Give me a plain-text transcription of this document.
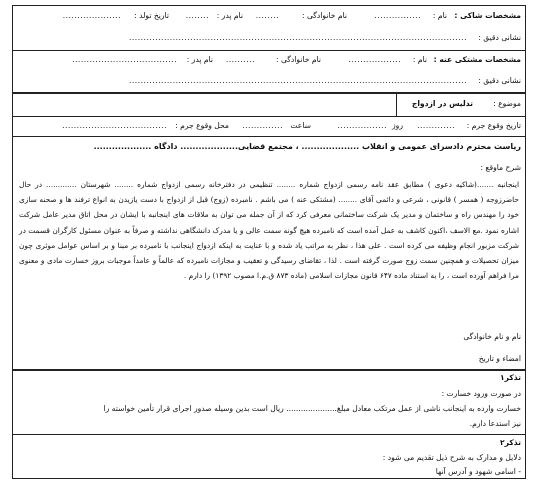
مشخصات شاکی :
نام :
................
نام خانوادگی :
........
نام پدر :
........
تاریخ تولد :
....................
نشانی دقیق :
....................................................................................................................
مشخصات مشتکی عنه :
نام :
..................
نام خانوادگی :
..........
نام پدر :
....................................
نشانی دقیق :
....................................................................................................................
موضوع :
تدلیس در ازدواج
تاریخ وقوع جرم :
.............
روز
.................
ساعت
..............
محل وقوع جرم :
....................................
ریاست محترم دادسرای عمومی و انقلاب ................... ، مجتمع قضایی................... دادگاه ...................
شرح ماوقع :

اینجانبه .......(شاکیه دعوی ) مطابق عقد نامه رسمی ازدواج شماره ........ تنظیمی در دفترخانه رسمی ازدواج شماره ........ شهرستان ............. در حال حاضرزوجه ( همسر ) قانونی ، شرعی و دائمی آقای ........ (مشتکی عنه ) می باشم . نامبرده (زوج) قبل از ازدواج با دست یازیدن به انواع ترفند ها و صحنه سازی خود را مهندس راه و ساختمان و مدیر یک شرکت ساختمانی معرفی کرد که از آن جمله می توان به ملاقات های اینجانبه با ایشان در محل اتاق مدیر عامل شرکت اشاره نمود .مع الاسف ،اکنون کاشف به عمل آمده است که نامبرده هیچ گونه سمت عالی و یا مدرک دانشگاهی نداشته و صرفاً به عنوان مسئول کارگران قسمت در شرکت مزبور انجام وظیفه می کرده است . علی هذا ، نظر به مراتب یاد شده و با عنایت به اینکه ازدواج اینجانب با نامبرده بر مبنا و بر اساس عوامل موثری چون میزان تحصیلات و همچنین سمت زوج صورت گرفته است . لذا ، تقاضای رسیدگی و تعقیب و مجازات نامبرده که عالماً و عامداً موجبات بروز خسارت مادی و معنوی مرا فراهم آورده است ، را به استناد ماده ۶۴۷ قانون مجازات اسلامی (ماده ۸۷۳ ق.م.ا مصوب ۱۳۹۲) را دارم .

نام و نام خانوادگی
امضاء و تاریخ
تذکر۱
در صورت ورود خسارت :
خسارت وارده به اینجانب ناشی از عمل مرتکب معادل مبلغ..................... ریال است بدین وسیله صدور اجرای قرار تأمین خواسته را
نیز استدعا دارم.
تذکر۲
دلایل و مدارک به شرح ذیل تقدیم می شود :
- اسامی شهود و آدرس آنها
